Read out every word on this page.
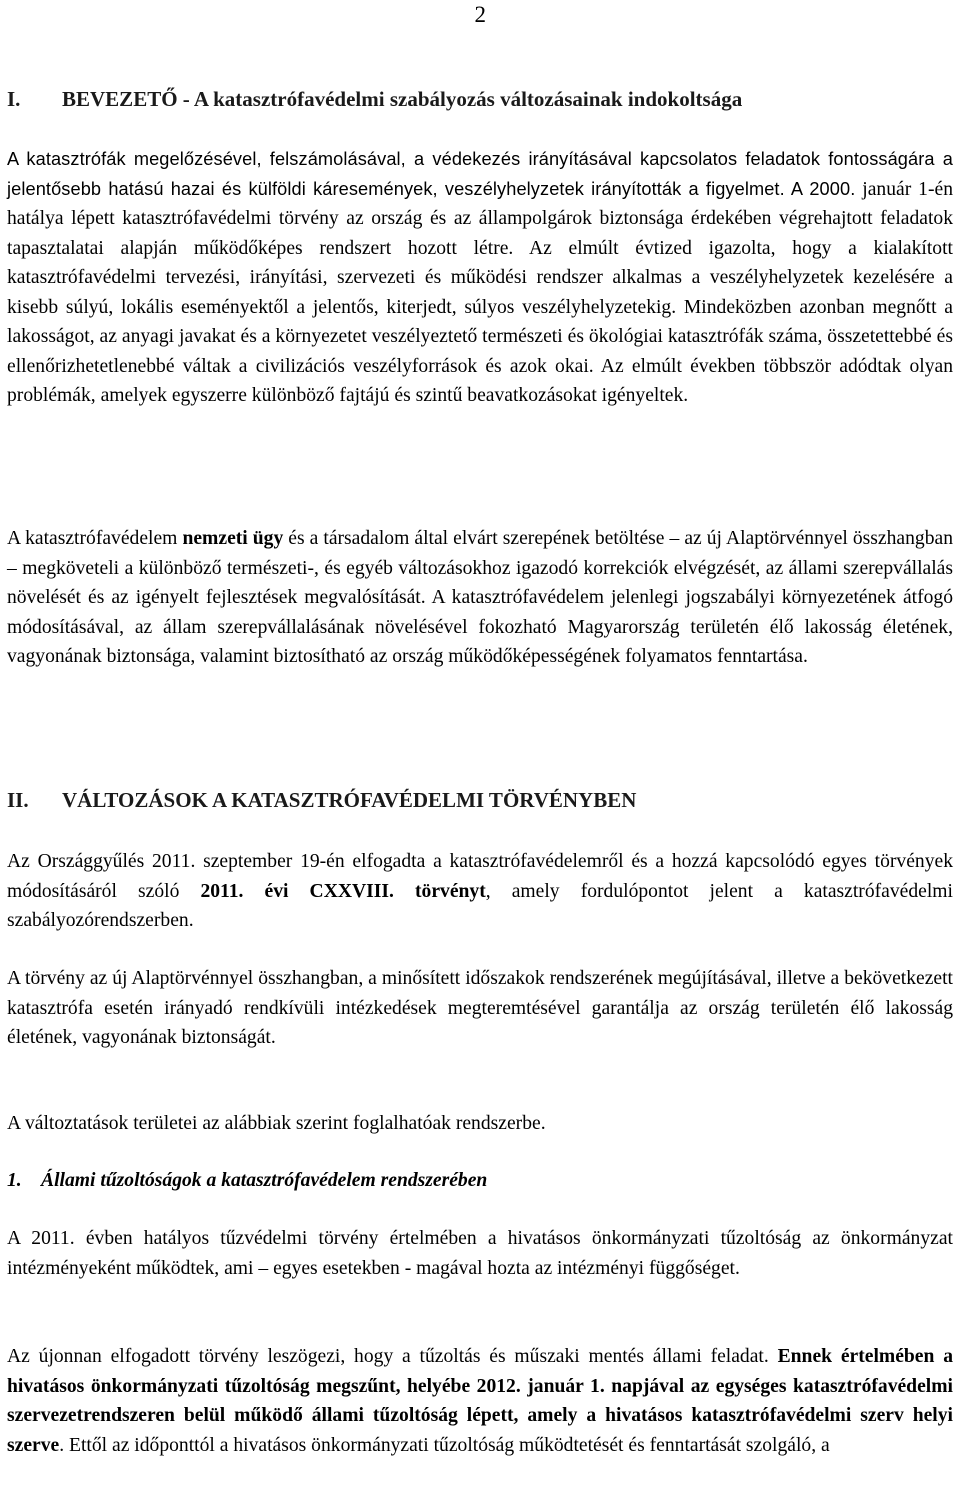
2
I. BEVEZETŐ - A katasztrófavédelmi szabályozás változásainak indokoltsága
A katasztrófák megelőzésével, felszámolásával, a védekezés irányításával kapcsolatos feladatok fontosságára a jelentősebb hatású hazai és külföldi káresemények, veszélyhelyzetek irányították a figyelmet. A 2000. január 1-én hatálya lépett katasztrófavédelmi törvény az ország és az állampolgárok biztonsága érdekében végrehajtott feladatok tapasztalatai alapján működőképes rendszert hozott létre. Az elmúlt évtized igazolta, hogy a kialakított katasztrófavédelmi tervezési, irányítási, szervezeti és működési rendszer alkalmas a veszélyhelyzetek kezelésére a kisebb súlyú, lokális eseményektől a jelentős, kiterjedt, súlyos veszélyhelyzetekig. Mindeközben azonban megnőtt a lakosságot, az anyagi javakat és a környezetet veszélyeztető természeti és ökológiai katasztrófák száma, összetettebbé és ellenőrizhetetlenebbé váltak a civilizációs veszélyforrások és azok okai. Az elmúlt években többször adódtak olyan problémák, amelyek egyszerre különböző fajtájú és szintű beavatkozásokat igényeltek.
A katasztrófavédelem nemzeti ügy és a társadalom által elvárt szerepének betöltése – az új Alaptörvénnyel összhangban – megköveteli a különböző természeti-, és egyéb változásokhoz igazodó korrekciók elvégzését, az állami szerepvállalás növelését és az igényelt fejlesztések megvalósítását. A katasztrófavédelem jelenlegi jogszabályi környezetének átfogó módosításával, az állam szerepvállalásának növelésével fokozható Magyarország területén élő lakosság életének, vagyonának biztonsága, valamint biztosítható az ország működőképességének folyamatos fenntartása.
II. VÁLTOZÁSOK A KATASZTRÓFAVÉDELMI TÖRVÉNYBEN
Az Országgyűlés 2011. szeptember 19-én elfogadta a katasztrófavédelemről és a hozzá kapcsolódó egyes törvények módosításáról szóló 2011. évi CXXVIII. törvényt, amely fordulópontot jelent a katasztrófavédelmi szabályozórendszerben.
A törvény az új Alaptörvénnyel összhangban, a minősített időszakok rendszerének megújításával, illetve a bekövetkezett katasztrófa esetén irányadó rendkívüli intézkedések megteremtésével garantálja az ország területén élő lakosság életének, vagyonának biztonságát.
A változtatások területei az alábbiak szerint foglalhatóak rendszerbe.
1. Állami tűzoltóságok a katasztrófavédelem rendszerében
A 2011. évben hatályos tűzvédelmi törvény értelmében a hivatásos önkormányzati tűzoltóság az önkormányzat intézményeként működtek, ami – egyes esetekben - magával hozta az intézményi függőséget.
Az újonnan elfogadott törvény leszögezi, hogy a tűzoltás és műszaki mentés állami feladat. Ennek értelmében a hivatásos önkormányzati tűzoltóság megszűnt, helyébe 2012. január 1. napjával az egységes katasztrófavédelmi szervezetrendszeren belül működő állami tűzoltóság lépett, amely a hivatásos katasztrófavédelmi szerv helyi szerve. Ettől az időponttól a hivatásos önkormányzati tűzoltóság működtetését és fenntartását szolgáló, a
